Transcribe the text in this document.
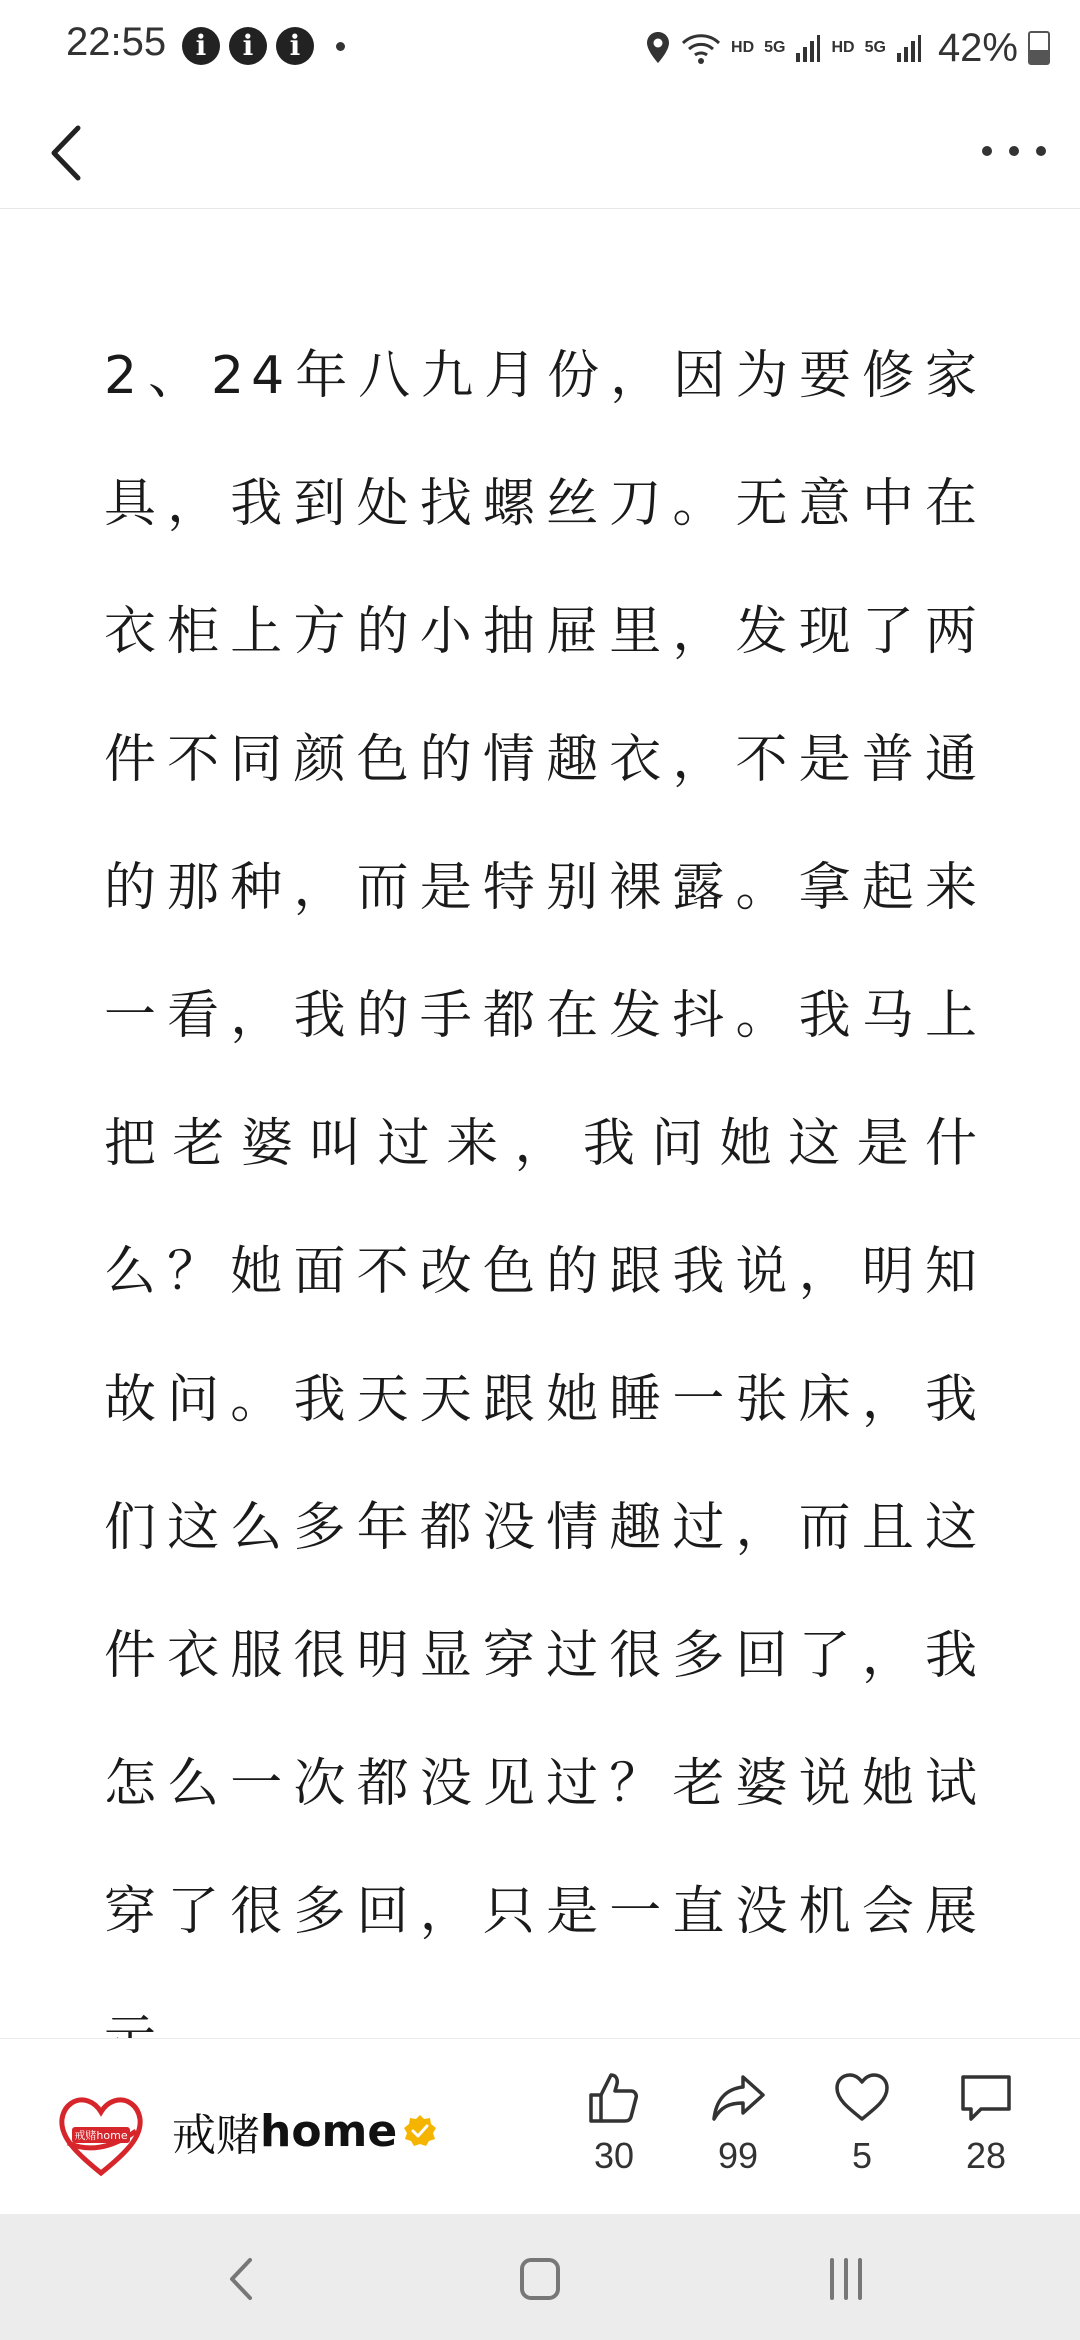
22:55	i	i	i	HD 5G	HD 5G 42%

2、24年八九月份，因为要修家具，我到处找螺丝刀。无意中在衣柜上方的小抽屉里，发现了两件不同颜色的情趣衣，不是普通的那种，而是特别裸露。拿起来一看，我的手都在发抖。我马上把老婆叫过来，我问她这是什么？她面不改色的跟我说，明知故问。我天天跟她睡一张床，我们这么多年都没情趣过，而且这件衣服很明显穿过很多回了，我怎么一次都没见过？老婆说她试穿了很多回，只是一直没机会展

戒赌home 戒赌 home	30 99	5	28
